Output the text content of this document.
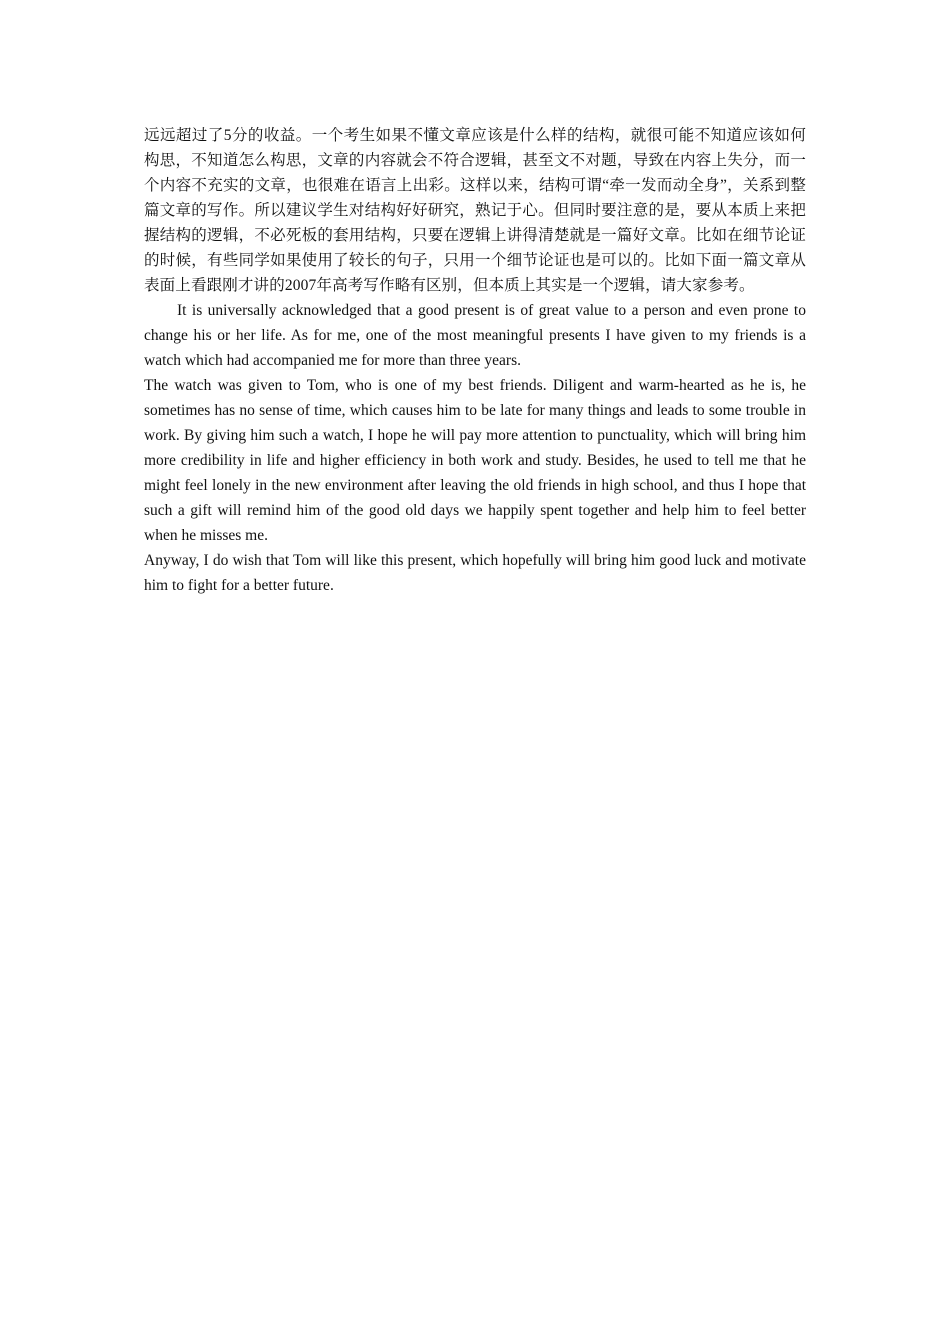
远远超过了5分的收益。一个考生如果不懂文章应该是什么样的结构，就很可能不知道应该如何构思，不知道怎么构思，文章的内容就会不符合逻辑，甚至文不对题，导致在内容上失分，而一个内容不充实的文章，也很难在语言上出彩。这样以来，结构可谓“牵一发而动全身”，关系到整篇文章的写作。所以建议学生对结构好好研究，熟记于心。但同时要注意的是，要从本质上来把握结构的逻辑，不必死板的套用结构，只要在逻辑上讲得清楚就是一篇好文章。比如在细节论证的时候，有些同学如果使用了较长的句子，只用一个细节论证也是可以的。比如下面一篇文章从表面上看跟刚才讲的2007年高考写作略有区别，但本质上其实是一个逻辑，请大家参考。

It is universally acknowledged that a good present is of great value to a person and even prone to change his or her life. As for me, one of the most meaningful presents I have given to my friends is a watch which had accompanied me for more than three years.

The watch was given to Tom, who is one of my best friends. Diligent and warm-hearted as he is, he sometimes has no sense of time, which causes him to be late for many things and leads to some trouble in work. By giving him such a watch, I hope he will pay more attention to punctuality, which will bring him more credibility in life and higher efficiency in both work and study. Besides, he used to tell me that he might feel lonely in the new environment after leaving the old friends in high school, and thus I hope that such a gift will remind him of the good old days we happily spent together and help him to feel better when he misses me.

Anyway, I do wish that Tom will like this present, which hopefully will bring him good luck and motivate him to fight for a better future.
